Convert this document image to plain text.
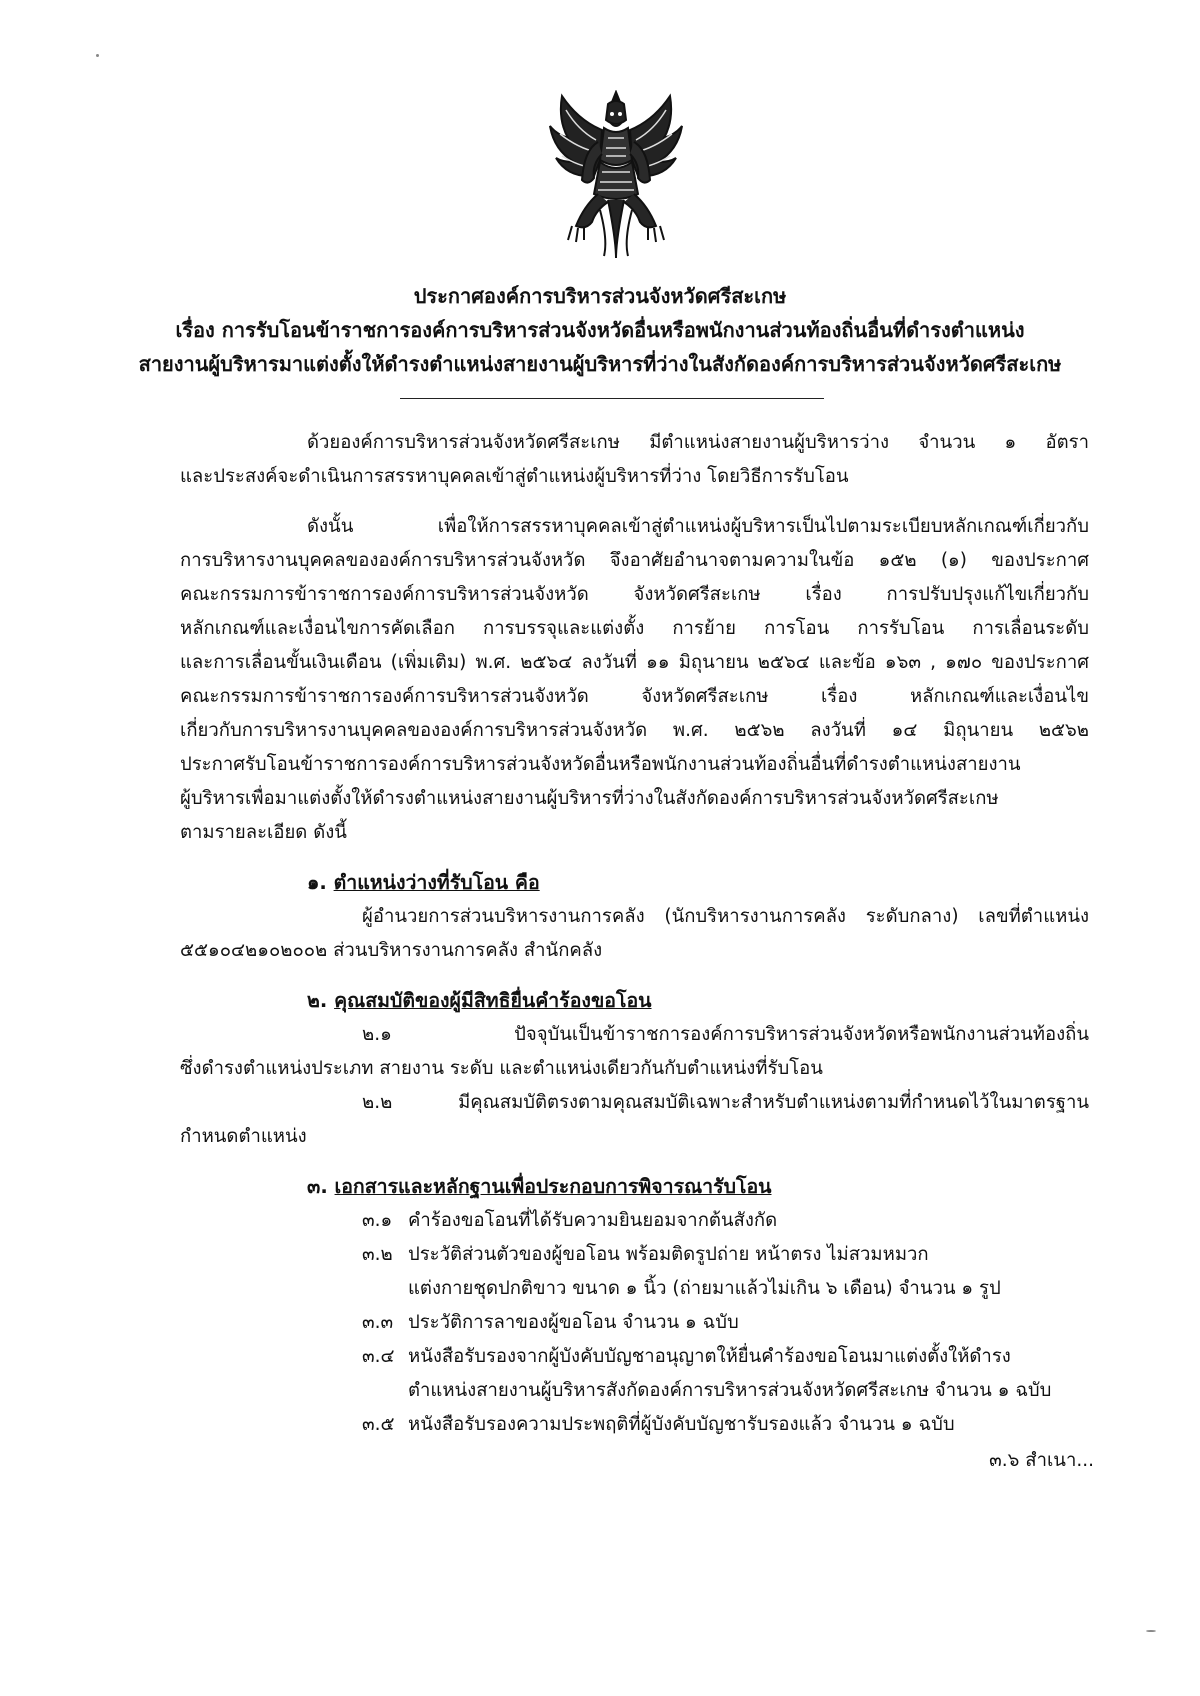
ประกาศองค์การบริหารส่วนจังหวัดศรีสะเกษ
เรื่อง การรับโอนข้าราชการองค์การบริหารส่วนจังหวัดอื่นหรือพนักงานส่วนท้องถิ่นอื่นที่ดำรงตำแหน่ง
สายงานผู้บริหารมาแต่งตั้งให้ดำรงตำแหน่งสายงานผู้บริหารที่ว่างในสังกัดองค์การบริหารส่วนจังหวัดศรีสะเกษ
ด้วยองค์การบริหารส่วนจังหวัดศรีสะเกษ มีตำแหน่งสายงานผู้บริหารว่าง จำนวน ๑ อัตรา
และประสงค์จะดำเนินการสรรหาบุคคลเข้าสู่ตำแหน่งผู้บริหารที่ว่าง โดยวิธีการรับโอน
ดังนั้น เพื่อให้การสรรหาบุคคลเข้าสู่ตำแหน่งผู้บริหารเป็นไปตามระเบียบหลักเกณฑ์เกี่ยวกับ
การบริหารงานบุคคลขององค์การบริหารส่วนจังหวัด จึงอาศัยอำนาจตามความในข้อ ๑๕๒ (๑) ของประกาศ
คณะกรรมการข้าราชการองค์การบริหารส่วนจังหวัด จังหวัดศรีสะเกษ เรื่อง การปรับปรุงแก้ไขเกี่ยวกับ
หลักเกณฑ์และเงื่อนไขการคัดเลือก การบรรจุและแต่งตั้ง การย้าย การโอน การรับโอน การเลื่อนระดับ
และการเลื่อนขั้นเงินเดือน (เพิ่มเติม) พ.ศ. ๒๕๖๔ ลงวันที่ ๑๑ มิถุนายน ๒๕๖๔ และข้อ ๑๖๓ , ๑๗๐ ของประกาศ
คณะกรรมการข้าราชการองค์การบริหารส่วนจังหวัด จังหวัดศรีสะเกษ เรื่อง หลักเกณฑ์และเงื่อนไข
เกี่ยวกับการบริหารงานบุคคลขององค์การบริหารส่วนจังหวัด พ.ศ. ๒๕๖๒ ลงวันที่ ๑๔ มิถุนายน ๒๕๖๒
ประกาศรับโอนข้าราชการองค์การบริหารส่วนจังหวัดอื่นหรือพนักงานส่วนท้องถิ่นอื่นที่ดำรงตำแหน่งสายงาน
ผู้บริหารเพื่อมาแต่งตั้งให้ดำรงตำแหน่งสายงานผู้บริหารที่ว่างในสังกัดองค์การบริหารส่วนจังหวัดศรีสะเกษ
ตามรายละเอียด ดังนี้
๑. ตำแหน่งว่างที่รับโอน คือ
ผู้อำนวยการส่วนบริหารงานการคลัง (นักบริหารงานการคลัง ระดับกลาง) เลขที่ตำแหน่ง
๕๕๑๐๔๒๑๐๒๐๐๒ ส่วนบริหารงานการคลัง สำนักคลัง
๒. คุณสมบัติของผู้มีสิทธิยื่นคำร้องขอโอน
๒.๑ ปัจจุบันเป็นข้าราชการองค์การบริหารส่วนจังหวัดหรือพนักงานส่วนท้องถิ่น
ซึ่งดำรงตำแหน่งประเภท สายงาน ระดับ และตำแหน่งเดียวกันกับตำแหน่งที่รับโอน
๒.๒ มีคุณสมบัติตรงตามคุณสมบัติเฉพาะสำหรับตำแหน่งตามที่กำหนดไว้ในมาตรฐาน
กำหนดตำแหน่ง
๓. เอกสารและหลักฐานเพื่อประกอบการพิจารณารับโอน
๓.๑ คำร้องขอโอนที่ได้รับความยินยอมจากต้นสังกัด
๓.๒ ประวัติส่วนตัวของผู้ขอโอน พร้อมติดรูปถ่าย หน้าตรง ไม่สวมหมวก
แต่งกายชุดปกติขาว ขนาด ๑ นิ้ว (ถ่ายมาแล้วไม่เกิน ๖ เดือน) จำนวน ๑ รูป
๓.๓ ประวัติการลาของผู้ขอโอน จำนวน ๑ ฉบับ
๓.๔ หนังสือรับรองจากผู้บังคับบัญชาอนุญาตให้ยื่นคำร้องขอโอนมาแต่งตั้งให้ดำรง
ตำแหน่งสายงานผู้บริหารสังกัดองค์การบริหารส่วนจังหวัดศรีสะเกษ จำนวน ๑ ฉบับ
๓.๕ หนังสือรับรองความประพฤติที่ผู้บังคับบัญชารับรองแล้ว จำนวน ๑ ฉบับ
๓.๖ สำเนา...
